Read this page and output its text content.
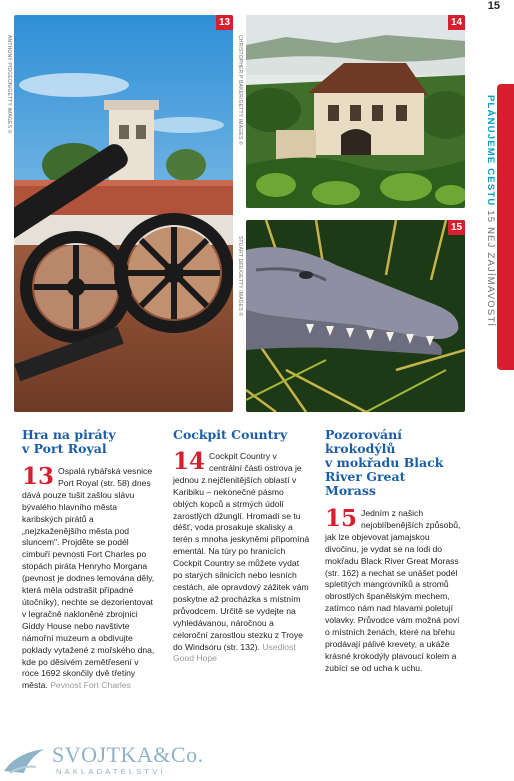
15
13
ANTHONY PIDGEON/GETTY IMAGES ©
14
CHRISTOPHER P BAKER/GETTY IMAGES ©
15
STUART DEE/GETTY IMAGES ©
PLÁNUJEME CESTU 15 NEJ ZAJÍMAVOSTÍ
Hra na piráty
v Port Royal
13 Ospalá rybářská vesnice Port Royal (str. 58) dnes dává pouze tušit zašlou slávu bývalého hlavního města karibských pirátů a „nejzkaženějšího města pod sluncem". Projděte se podél cimbuří pevnosti Fort Charles po stopách piráta Henryho Morgana (pevnost je dodnes lemována děly, která měla odstrašit případné útočníky), nechte se dezorientovat v legračně nakloněné zbrojnici Giddy House nebo navštivte námořní muzeum a obdivujte poklady vytažené z mořského dna, kde po děsivém zemětřesení v roce 1692 skončily dvě třetiny města. Pevnost Fort Charles
Cockpit Country
14 Cockpit Country v centrální části ostrova je jednou z nejčlenitějších oblastí v Karibiku – nekonečné pásmo oblých kopců a strmých údolí zarostlých džunglí. Hromadí se tu déšť, voda prosakuje skalisky a terén s mnoha jeskyněmi připomíná ementál. Na túry po hranicích Cockpit Country se můžete vydat po starých silnicích nebo lesních cestách, ale opravdový zážitek vám poskytne až procházka s místním průvodcem. Určitě se vydejte na vyhledávanou, náročnou a celoroční zarostlou stezku z Troye do Windsoru (str. 132). Usedlost Good Hope
Pozorování
krokodýlů
v mokřadu Black
River Great
Morass
15 Jedním z našich nejoblíbenějších způsobů, jak lze objevovat jamajskou divočinu, je vydat se na lodi do mokřadu Black River Great Morass (str. 162) a nechat se unášet podél spletitých mangrovníků a stromů obrostlých španělským mechem, zatímco nám nad hlavami poletují volavky. Průvodce vám možná poví o místních ženách, které na břehu prodávají pálivé krevety, a ukáže krásné krokodýly plavoucí kolem a zubící se od ucha k uchu.
SVOJTKA&Co.
NAKLADATELSTVÍ
